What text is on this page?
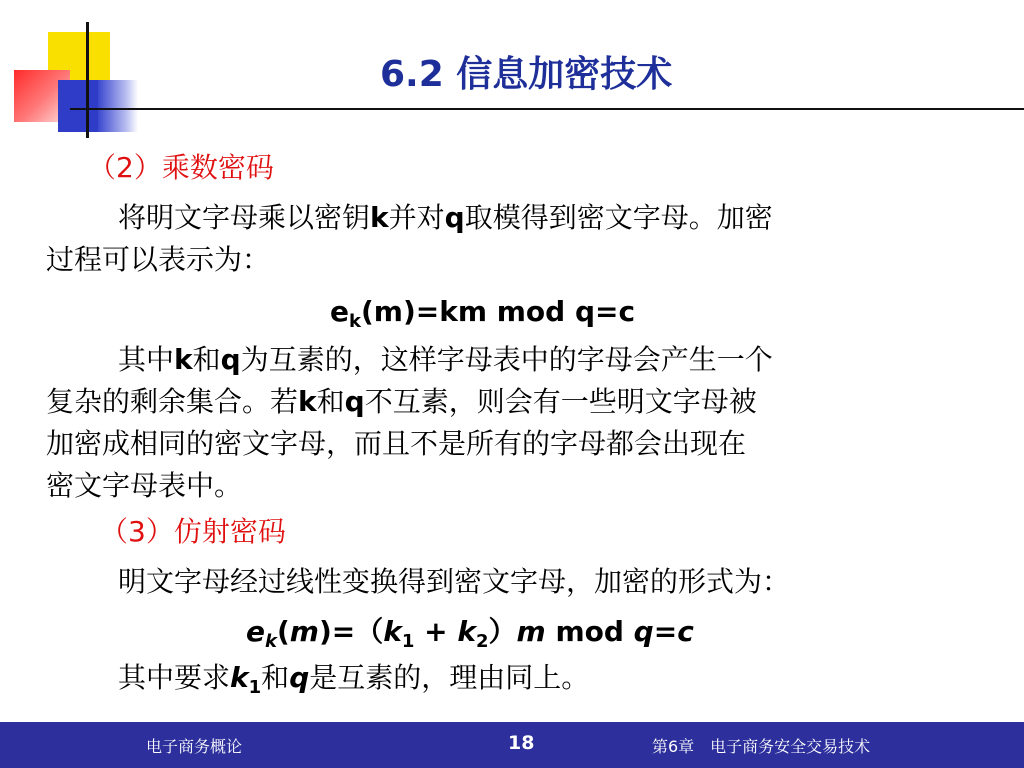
6.2 信息加密技术
（2）乘数密码
将明文字母乘以密钥k并对q取模得到密文字母。加密
过程可以表示为：
$e_k(m)=km$ mod q=c
其中k和q为互素的，这样字母表中的字母会产生一个
复杂的剩余集合。若k和q不互素，则会有一些明文字母被
加密成相同的密文字母，而且不是所有的字母都会出现在
密文字母表中。
（3）仿射密码
明文字母经过线性变换得到密文字母，加密的形式为：
$e_k(m)=(k_1 + k_2)m$ mod q=c
其中要求$k_1$和q是互素的，理由同上。
电子商务概论	18	第6章　电子商务安全交易技术
